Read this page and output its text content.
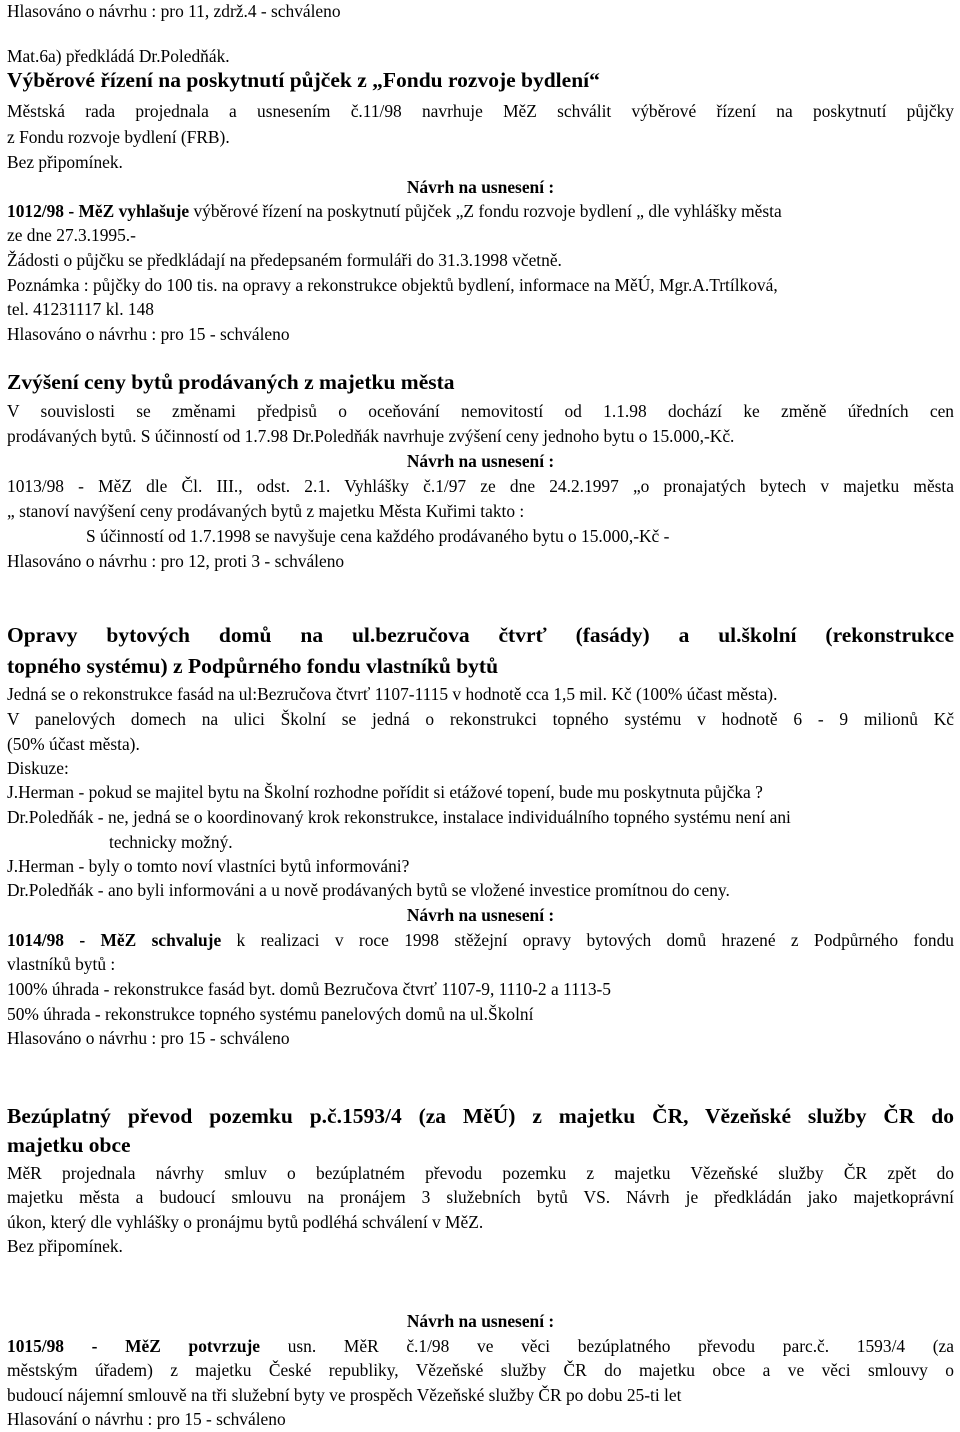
Hlasováno o návrhu : pro 11, zdrž.4 - schváleno
Mat.6a) předkládá Dr.Poledňák.
Výběrové řízení na poskytnutí půjček z „Fondu rozvoje bydlení“
Městská rada projednala a usnesením č.11/98 navrhuje MěZ schválit výběrové řízení na poskytnutí půjčky
z Fondu rozvoje bydlení (FRB).
Bez připomínek.
Návrh na usnesení :
1012/98 - MěZ vyhlašuje výběrové řízení na poskytnutí půjček „Z fondu rozvoje bydlení „ dle vyhlášky města
ze dne 27.3.1995.-
Žádosti o půjčku se předkládají na předepsaném formuláři do 31.3.1998 včetně.
Poznámka : půjčky do 100 tis. na opravy a rekonstrukce objektů bydlení, informace na MěÚ, Mgr.A.Trtílková,
tel. 41231117 kl. 148
Hlasováno o návrhu : pro 15 - schváleno
Zvýšení ceny bytů prodávaných z majetku města
V souvislosti se změnami předpisů o oceňování nemovitostí od 1.1.98 dochází ke změně úředních cen
prodávaných bytů. S účinností od 1.7.98 Dr.Poledňák navrhuje zvýšení ceny jednoho bytu o 15.000,-Kč.
Návrh na usnesení :
1013/98 - MěZ dle Čl. III., odst. 2.1. Vyhlášky č.1/97 ze dne 24.2.1997 „o pronajatých bytech v majetku města
„ stanoví navýšení ceny prodávaných bytů z majetku Města Kuřimi takto :
S účinností od 1.7.1998 se navyšuje cena každého prodávaného bytu o 15.000,-Kč -
Hlasováno o návrhu : pro 12, proti 3 - schváleno
Opravy bytových domů na ul.bezručova čtvrť (fasády) a ul.školní (rekonstrukce
topného systému) z Podpůrného fondu vlastníků bytů
Jedná se o rekonstrukce fasád na ul:Bezručova čtvrť 1107-1115 v hodnotě cca 1,5 mil. Kč (100% účast města).
V panelových domech na ulici Školní se jedná o rekonstrukci topného systému v hodnotě 6 - 9 milionů Kč
(50% účast města).
Diskuze:
J.Herman - pokud se majitel bytu na Školní rozhodne pořídit si etážové topení, bude mu poskytnuta půjčka ?
Dr.Poledňák - ne, jedná se o koordinovaný krok rekonstrukce, instalace individuálního topného systému není ani
technicky možný.
J.Herman - byly o tomto noví vlastníci bytů informováni?
Dr.Poledňák - ano byli informováni a u nově prodávaných bytů se vložené investice promítnou do ceny.
Návrh na usnesení :
1014/98 - MěZ schvaluje k realizaci v roce 1998 stěžejní opravy bytových domů hrazené z Podpůrného fondu
vlastníků bytů :
100% úhrada - rekonstrukce fasád byt. domů Bezručova čtvrť 1107-9, 1110-2 a 1113-5
50% úhrada - rekonstrukce topného systému panelových domů na ul.Školní
Hlasováno o návrhu : pro 15 - schváleno
Bezúplatný převod pozemku p.č.1593/4 (za MěÚ) z majetku ČR, Vězeňské služby ČR do
majetku obce
MěR projednala návrhy smluv o bezúplatném převodu pozemku z majetku Vězeňské služby ČR zpět do
majetku města a budoucí smlouvu na pronájem 3 služebních bytů VS. Návrh je předkládán jako majetkoprávní
úkon, který dle vyhlášky o pronájmu bytů podléhá schválení v MěZ.
Bez připomínek.
Návrh na usnesení :
1015/98 - MěZ potvrzuje usn. MěR č.1/98 ve věci bezúplatného převodu parc.č. 1593/4 (za
městským úřadem) z majetku České republiky, Vězeňské služby ČR do majetku obce a ve věci smlouvy o
budoucí nájemní smlouvě na tři služební byty ve prospěch Vězeňské služby ČR po dobu 25-ti let
Hlasování o návrhu : pro 15 - schváleno
